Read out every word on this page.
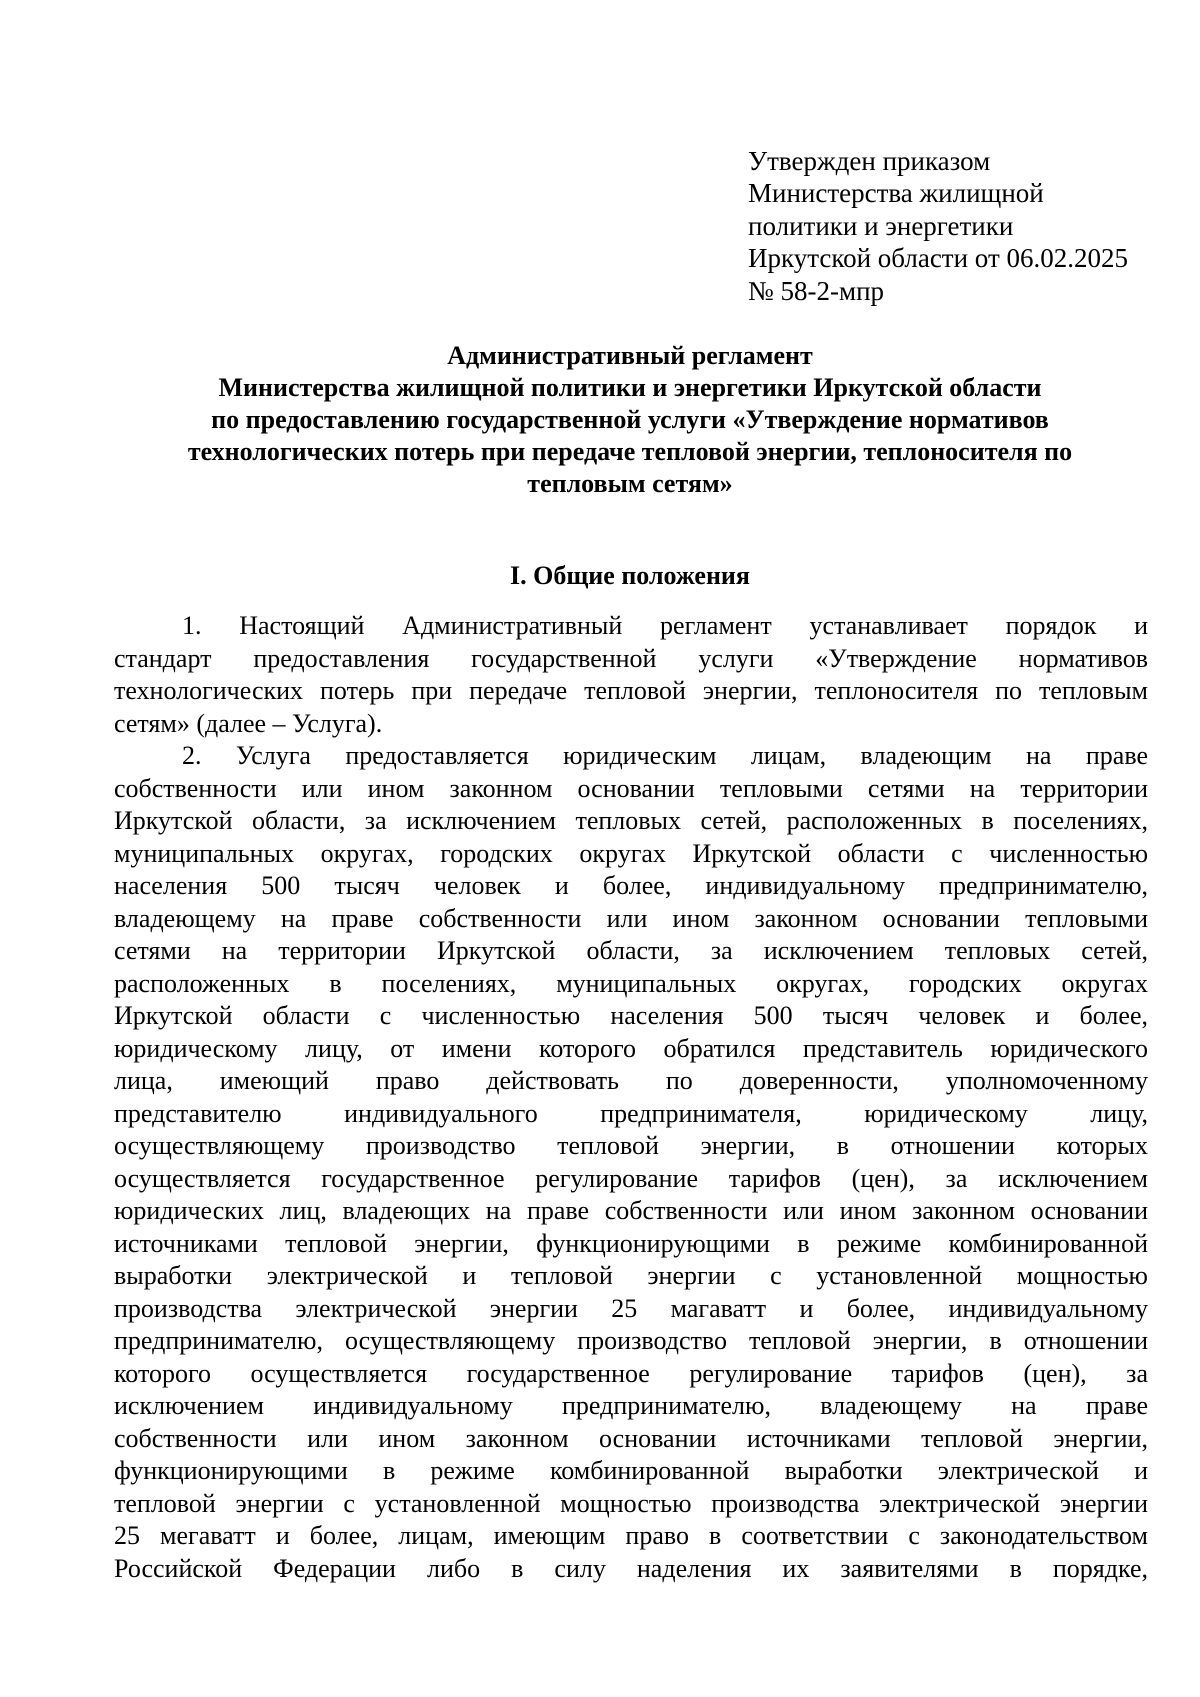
Утвержден приказом
Министерства жилищной
политики и энергетики
Иркутской области от 06.02.2025
№ 58-2-мпр
Административный регламент
Министерства жилищной политики и энергетики Иркутской области
по предоставлению государственной услуги «Утверждение нормативов
технологических потерь при передаче тепловой энергии, теплоносителя по
тепловым сетям»
I. Общие положения
1. Настоящий Административный регламент устанавливает порядок и
стандарт предоставления государственной услуги «Утверждение нормативов
технологических потерь при передаче тепловой энергии, теплоносителя по тепловым
сетям» (далее – Услуга).
2. Услуга предоставляется юридическим лицам, владеющим на праве
собственности или ином законном основании тепловыми сетями на территории
Иркутской области, за исключением тепловых сетей, расположенных в поселениях,
муниципальных округах, городских округах Иркутской области с численностью
населения 500 тысяч человек и более, индивидуальному предпринимателю,
владеющему на праве собственности или ином законном основании тепловыми
сетями на территории Иркутской области, за исключением тепловых сетей,
расположенных в поселениях, муниципальных округах, городских округах
Иркутской области с численностью населения 500 тысяч человек и более,
юридическому лицу, от имени которого обратился представитель юридического
лица, имеющий право действовать по доверенности, уполномоченному
представителю индивидуального предпринимателя, юридическому лицу,
осуществляющему производство тепловой энергии, в отношении которых
осуществляется государственное регулирование тарифов (цен), за исключением
юридических лиц, владеющих на праве собственности или ином законном основании
источниками тепловой энергии, функционирующими в режиме комбинированной
выработки электрической и тепловой энергии с установленной мощностью
производства электрической энергии 25 магаватт и более, индивидуальному
предпринимателю, осуществляющему производство тепловой энергии, в отношении
которого осуществляется государственное регулирование тарифов (цен), за
исключением индивидуальному предпринимателю, владеющему на праве
собственности или ином законном основании источниками тепловой энергии,
функционирующими в режиме комбинированной выработки электрической и
тепловой энергии с установленной мощностью производства электрической энергии
25 мегаватт и более, лицам, имеющим право в соответствии с законодательством
Российской Федерации либо в силу наделения их заявителями в порядке,
